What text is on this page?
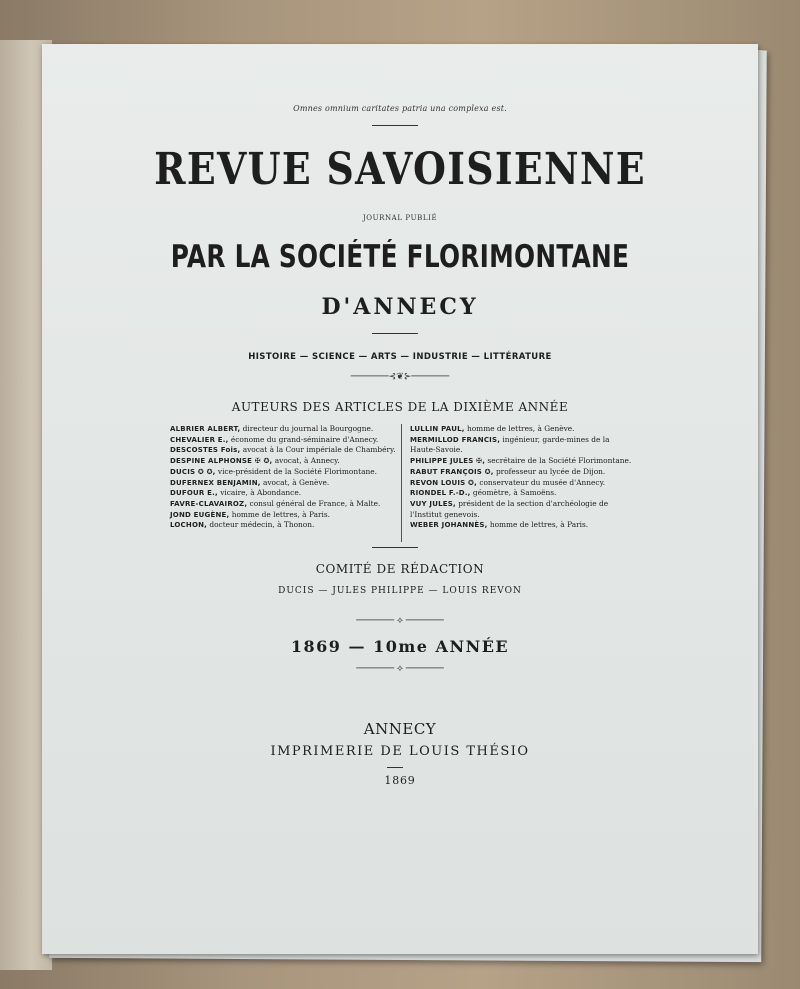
Omnes omnium caritates patria una complexa est.
REVUE SAVOISIENNE
JOURNAL PUBLIÉ
PAR LA SOCIÉTÉ FLORIMONTANE
D'ANNECY
HISTOIRE — SCIENCE — ARTS — INDUSTRIE — LITTÉRATURE
───────⊰❦⊱───────
AUTEURS DES ARTICLES DE LA DIXIÈME ANNÉE

ALBRIER ALBERT, directeur du journal la Bourgogne.

CHEVALIER E., économe du grand-séminaire d'Annecy.

DESCOSTES Fois, avocat à la Cour impériale de Chambéry.

DESPINE ALPHONSE ✠ ✪, avocat, à Annecy.

DUCIS ✪ ✪, vice-président de la Société Florimontane.

DUFERNEX BENJAMIN, avocat, à Genève.

DUFOUR E., vicaire, à Abondance.

FAVRE-CLAVAIROZ, consul général de France, à Malte.

JOND EUGÈNE, homme de lettres, à Paris.

LOCHON, docteur médecin, à Thonon.

LULLIN PAUL, homme de lettres, à Genève.

MERMILLOD FRANCIS, ingénieur, garde-mines de la Haute-Savoie.

PHILIPPE JULES ✠, secrétaire de la Société Florimontane.

RABUT FRANÇOIS ✪, professeur au lycée de Dijon.

REVON LOUIS ✪, conservateur du musée d'Annecy.

RIONDEL F.-D., géomètre, à Samoëns.

VUY JULES, président de la section d'archéologie de l'Institut genevois.

WEBER JOHANNÈS, homme de lettres, à Paris.

COMITÉ DE RÉDACTION
DUCIS — JULES PHILIPPE — LOUIS REVON
─────── ⟡ ───────
1869 — 10me ANNÉE
─────── ⟡ ───────
ANNECY
IMPRIMERIE DE LOUIS THÉSIO
1869
